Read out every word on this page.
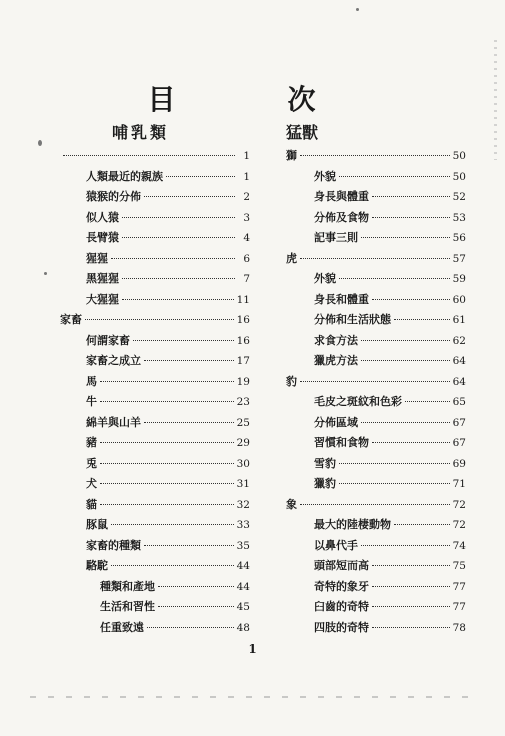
目　次
哺乳類
1
人類最近的親族	1
猿猴的分佈	2
似人猿	3
長臂猿	4
猩猩	6
黑猩猩	7
大猩猩	11
家畜	16
何謂家畜	16
家畜之成立	17
馬	19
牛	23
綿羊與山羊	25
豬	29
兎	30
犬	31
貓	32
豚鼠	33
家畜的種類	35
駱駝	44
種類和產地	44
生活和習性	45
任重致遠	48
猛獸
獅	50
外貌	50
身長與體重	52
分佈及食物	53
記事三則	56
虎	57
外貌	59
身長和體重	60
分佈和生活狀態	61
求食方法	62
獵虎方法	64
豹	64
毛皮之斑紋和色彩	65
分佈區域	67
習慣和食物	67
雪豹	69
獵豹	71
象	72
最大的陸棲動物	72
以鼻代手	74
頭部短而高	75
奇特的象牙	77
臼齒的奇特	77
四肢的奇特	78
1
